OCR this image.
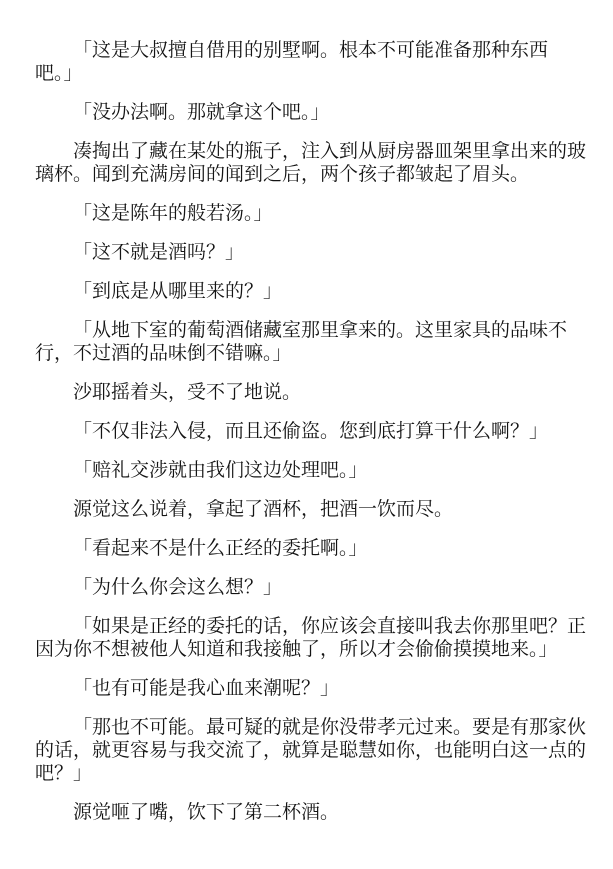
「这是大叔擅自借用的别墅啊。根本不可能准备那种东西
吧。」

「没办法啊。那就拿这个吧。」

凑掏出了藏在某处的瓶子，注入到从厨房器皿架里拿出来的玻
璃杯。闻到充满房间的闻到之后，两个孩子都皱起了眉头。

「这是陈年的般若汤。」

「这不就是酒吗？」

「到底是从哪里来的？」

「从地下室的葡萄酒储藏室那里拿来的。这里家具的品味不
行，不过酒的品味倒不错嘛。」

沙耶摇着头，受不了地说。

「不仅非法入侵，而且还偷盗。您到底打算干什么啊？」

「赔礼交涉就由我们这边处理吧。」

源觉这么说着，拿起了酒杯，把酒一饮而尽。

「看起来不是什么正经的委托啊。」

「为什么你会这么想？」

「如果是正经的委托的话，你应该会直接叫我去你那里吧？正
因为你不想被他人知道和我接触了，所以才会偷偷摸摸地来。」

「也有可能是我心血来潮呢？」

「那也不可能。最可疑的就是你没带孝元过来。要是有那家伙
的话，就更容易与我交流了，就算是聪慧如你，也能明白这一点的
吧？」

源觉咂了嘴，饮下了第二杯酒。
